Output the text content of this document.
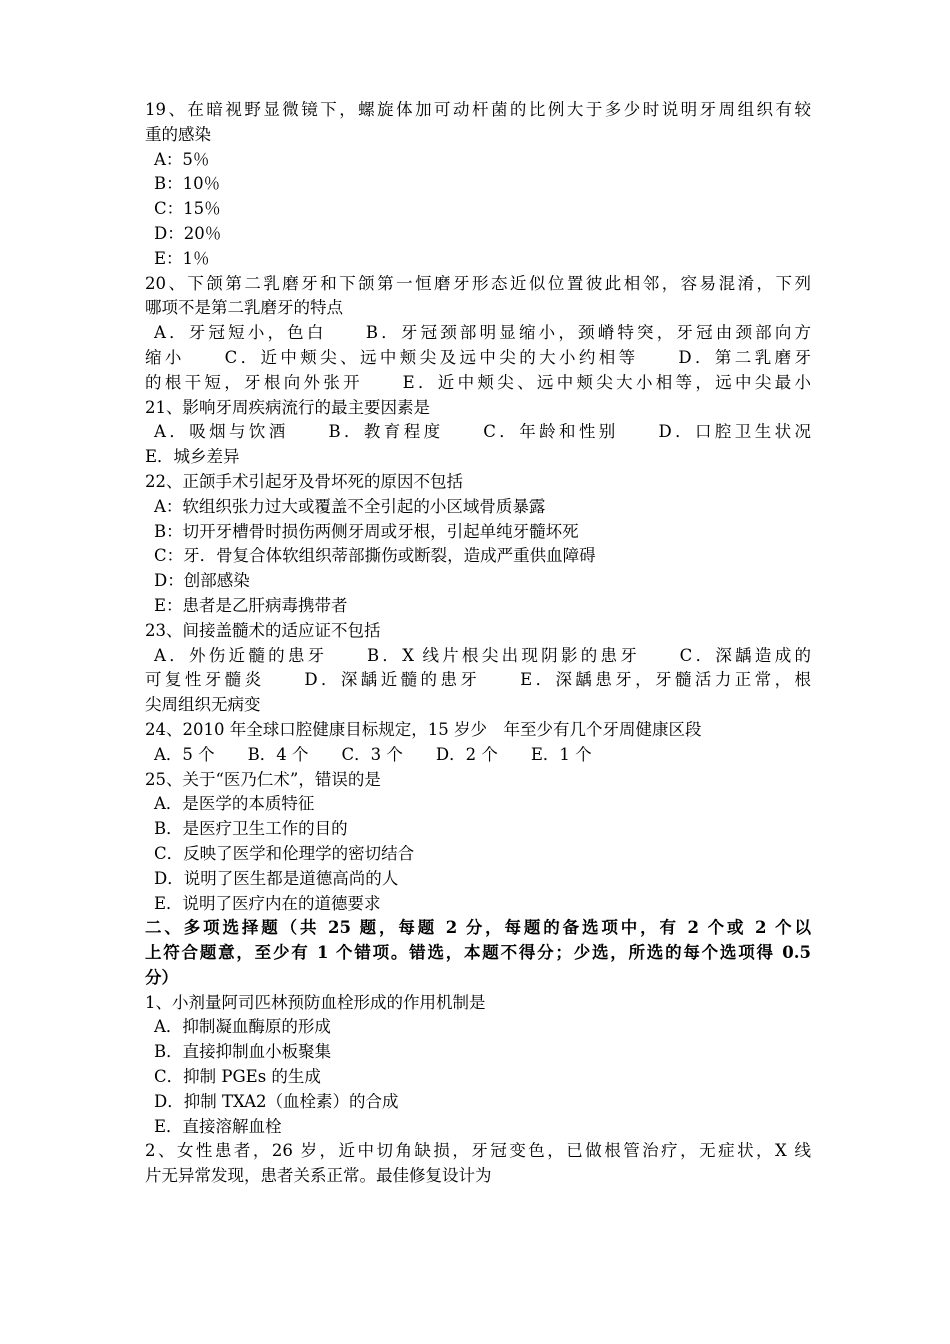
19、在暗视野显微镜下，螺旋体加可动杆菌的比例大于多少时说明牙周组织有较
重的感染
A：5％
B：10％
C：15％
D：20％
E：1％
20、下颌第二乳磨牙和下颌第一恒磨牙形态近似位置彼此相邻，容易混淆，下列
哪项不是第二乳磨牙的特点
A．牙冠短小，色白　　B．牙冠颈部明显缩小，颈嵴特突，牙冠由颈部向方
缩小　　C．近中颊尖、远中颊尖及远中尖的大小约相等　　D．第二乳磨牙
的根干短，牙根向外张开　　E．近中颊尖、远中颊尖大小相等，远中尖最小
21、影响牙周疾病流行的最主要因素是
A．吸烟与饮酒　　B．教育程度　　C．年龄和性别　　D．口腔卫生状况
E．城乡差异
22、正颌手术引起牙及骨坏死的原因不包括
A：软组织张力过大或覆盖不全引起的小区域骨质暴露
B：切开牙槽骨时损伤两侧牙周或牙根，引起单纯牙髓坏死
C：牙．骨复合体软组织蒂部撕伤或断裂，造成严重供血障碍
D：创部感染
E：患者是乙肝病毒携带者
23、间接盖髓术的适应证不包括
A．外伤近髓的患牙　　B．X 线片根尖出现阴影的患牙　　C．深龋造成的
可复性牙髓炎　　D．深龋近髓的患牙　　E．深龋患牙，牙髓活力正常，根
尖周组织无病变
24、2010 年全球口腔健康目标规定，15 岁少　年至少有几个牙周健康区段
A．5 个　　B．4 个　　C．3 个　　D．2 个　　E．1 个
25、关于“医乃仁术”，错误的是
A．是医学的本质特征
B．是医疗卫生工作的目的
C．反映了医学和伦理学的密切结合
D．说明了医生都是道德高尚的人
E．说明了医疗内在的道德要求
二、多项选择题（共 25 题，每题 2 分，每题的备选项中，有 2 个或 2 个以
上符合题意，至少有 1 个错项。错选，本题不得分；少选，所选的每个选项得 0.5
分）
1、小剂量阿司匹林预防血栓形成的作用机制是
A．抑制凝血酶原的形成
B．直接抑制血小板聚集
C．抑制 PGEs 的生成
D．抑制 TXA2（血栓素）的合成
E．直接溶解血栓
2、女性患者，26 岁，近中切角缺损，牙冠变色，已做根管治疗，无症状，X 线
片无异常发现，患者关系正常。最佳修复设计为
